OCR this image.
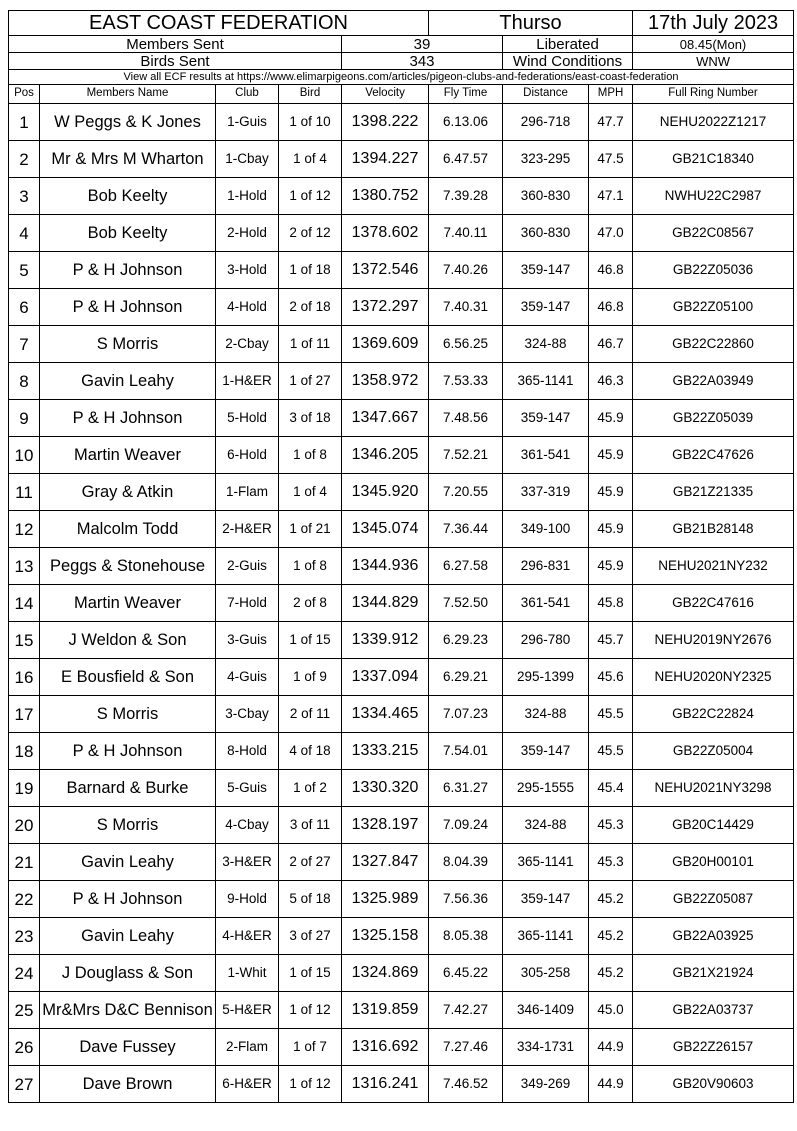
EAST COAST FEDERATION					Thurso			17th July 2023
Members Sent				39		Liberated		08.45(Mon)
Birds Sent				343		Wind Conditions		WNW
View all ECF results at https://www.elimarpigeons.com/articles/pigeon-clubs-and-federations/east-coast-federation								
Pos	Members Name	Club	Bird	Velocity	Fly Time	Distance	MPH	Full Ring Number
1	W Peggs & K Jones	1-Guis	1 of 10	1398.222	6.13.06	296-718	47.7	NEHU2022Z1217
2	Mr & Mrs M Wharton	1-Cbay	1 of 4	1394.227	6.47.57	323-295	47.5	GB21C18340
3	Bob Keelty	1-Hold	1 of 12	1380.752	7.39.28	360-830	47.1	NWHU22C2987
4	Bob Keelty	2-Hold	2 of 12	1378.602	7.40.11	360-830	47.0	GB22C08567
5	P & H Johnson	3-Hold	1 of 18	1372.546	7.40.26	359-147	46.8	GB22Z05036
6	P & H Johnson	4-Hold	2 of 18	1372.297	7.40.31	359-147	46.8	GB22Z05100
7	S Morris	2-Cbay	1 of 11	1369.609	6.56.25	324-88	46.7	GB22C22860
8	Gavin Leahy	1-H&ER	1 of 27	1358.972	7.53.33	365-1141	46.3	GB22A03949
9	P & H Johnson	5-Hold	3 of 18	1347.667	7.48.56	359-147	45.9	GB22Z05039
10	Martin Weaver	6-Hold	1 of 8	1346.205	7.52.21	361-541	45.9	GB22C47626
11	Gray & Atkin	1-Flam	1 of 4	1345.920	7.20.55	337-319	45.9	GB21Z21335
12	Malcolm Todd	2-H&ER	1 of 21	1345.074	7.36.44	349-100	45.9	GB21B28148
13	Peggs & Stonehouse	2-Guis	1 of 8	1344.936	6.27.58	296-831	45.9	NEHU2021NY232
14	Martin Weaver	7-Hold	2 of 8	1344.829	7.52.50	361-541	45.8	GB22C47616
15	J Weldon & Son	3-Guis	1 of 15	1339.912	6.29.23	296-780	45.7	NEHU2019NY2676
16	E Bousfield & Son	4-Guis	1 of 9	1337.094	6.29.21	295-1399	45.6	NEHU2020NY2325
17	S Morris	3-Cbay	2 of 11	1334.465	7.07.23	324-88	45.5	GB22C22824
18	P & H Johnson	8-Hold	4 of 18	1333.215	7.54.01	359-147	45.5	GB22Z05004
19	Barnard & Burke	5-Guis	1 of 2	1330.320	6.31.27	295-1555	45.4	NEHU2021NY3298
20	S Morris	4-Cbay	3 of 11	1328.197	7.09.24	324-88	45.3	GB20C14429
21	Gavin Leahy	3-H&ER	2 of 27	1327.847	8.04.39	365-1141	45.3	GB20H00101
22	P & H Johnson	9-Hold	5 of 18	1325.989	7.56.36	359-147	45.2	GB22Z05087
23	Gavin Leahy	4-H&ER	3 of 27	1325.158	8.05.38	365-1141	45.2	GB22A03925
24	J Douglass & Son	1-Whit	1 of 15	1324.869	6.45.22	305-258	45.2	GB21X21924
25	Mr&Mrs D&C Bennison	5-H&ER	1 of 12	1319.859	7.42.27	346-1409	45.0	GB22A03737
26	Dave Fussey	2-Flam	1 of 7	1316.692	7.27.46	334-1731	44.9	GB22Z26157
27	Dave Brown	6-H&ER	1 of 12	1316.241	7.46.52	349-269	44.9	GB20V90603
